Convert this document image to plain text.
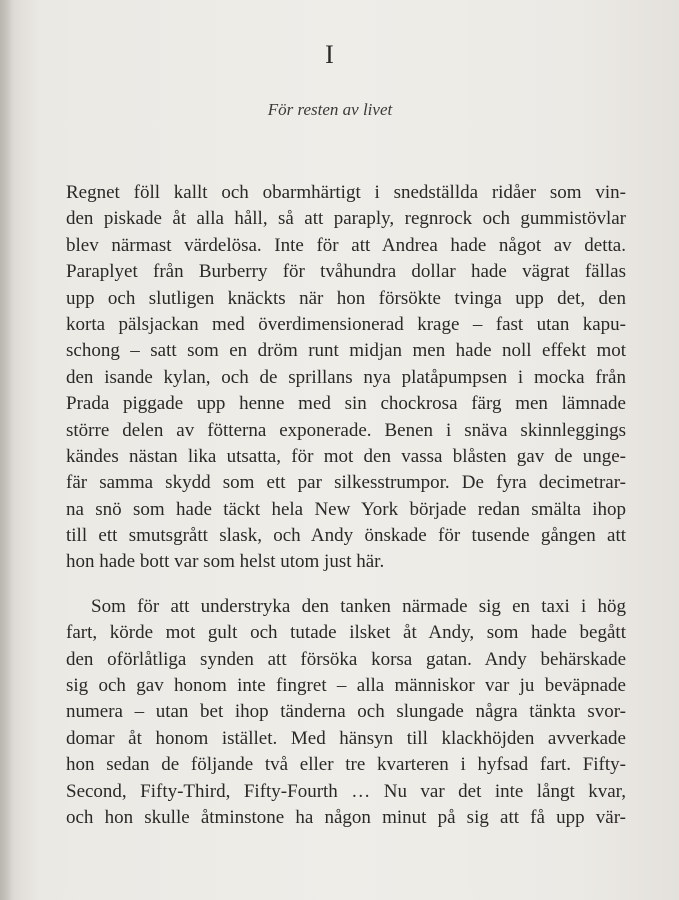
I
För resten av livet
Regnet föll kallt och obarmhärtigt i snedställda ridåer som vin-
den piskade åt alla håll, så att paraply, regnrock och gummistövlar
blev närmast värdelösa. Inte för att Andrea hade något av detta.
Paraplyet från Burberry för tvåhundra dollar hade vägrat fällas
upp och slutligen knäckts när hon försökte tvinga upp det, den
korta pälsjackan med överdimensionerad krage – fast utan kapu-
schong – satt som en dröm runt midjan men hade noll effekt mot
den isande kylan, och de sprillans nya platåpumpsen i mocka från
Prada piggade upp henne med sin chockrosa färg men lämnade
större delen av fötterna exponerade. Benen i snäva skinnleggings
kändes nästan lika utsatta, för mot den vassa blåsten gav de unge-
fär samma skydd som ett par silkesstrumpor. De fyra decimetrar-
na snö som hade täckt hela New York började redan smälta ihop
till ett smutsgrått slask, och Andy önskade för tusende gången att
hon hade bott var som helst utom just här.
Som för att understryka den tanken närmade sig en taxi i hög
fart, körde mot gult och tutade ilsket åt Andy, som hade begått
den oförlåtliga synden att försöka korsa gatan. Andy behärskade
sig och gav honom inte fingret – alla människor var ju beväpnade
numera – utan bet ihop tänderna och slungade några tänkta svor-
domar åt honom istället. Med hänsyn till klackhöjden avverkade
hon sedan de följande två eller tre kvarteren i hyfsad fart. Fifty-
Second, Fifty-Third, Fifty-Fourth … Nu var det inte långt kvar,
och hon skulle åtminstone ha någon minut på sig att få upp vär-
